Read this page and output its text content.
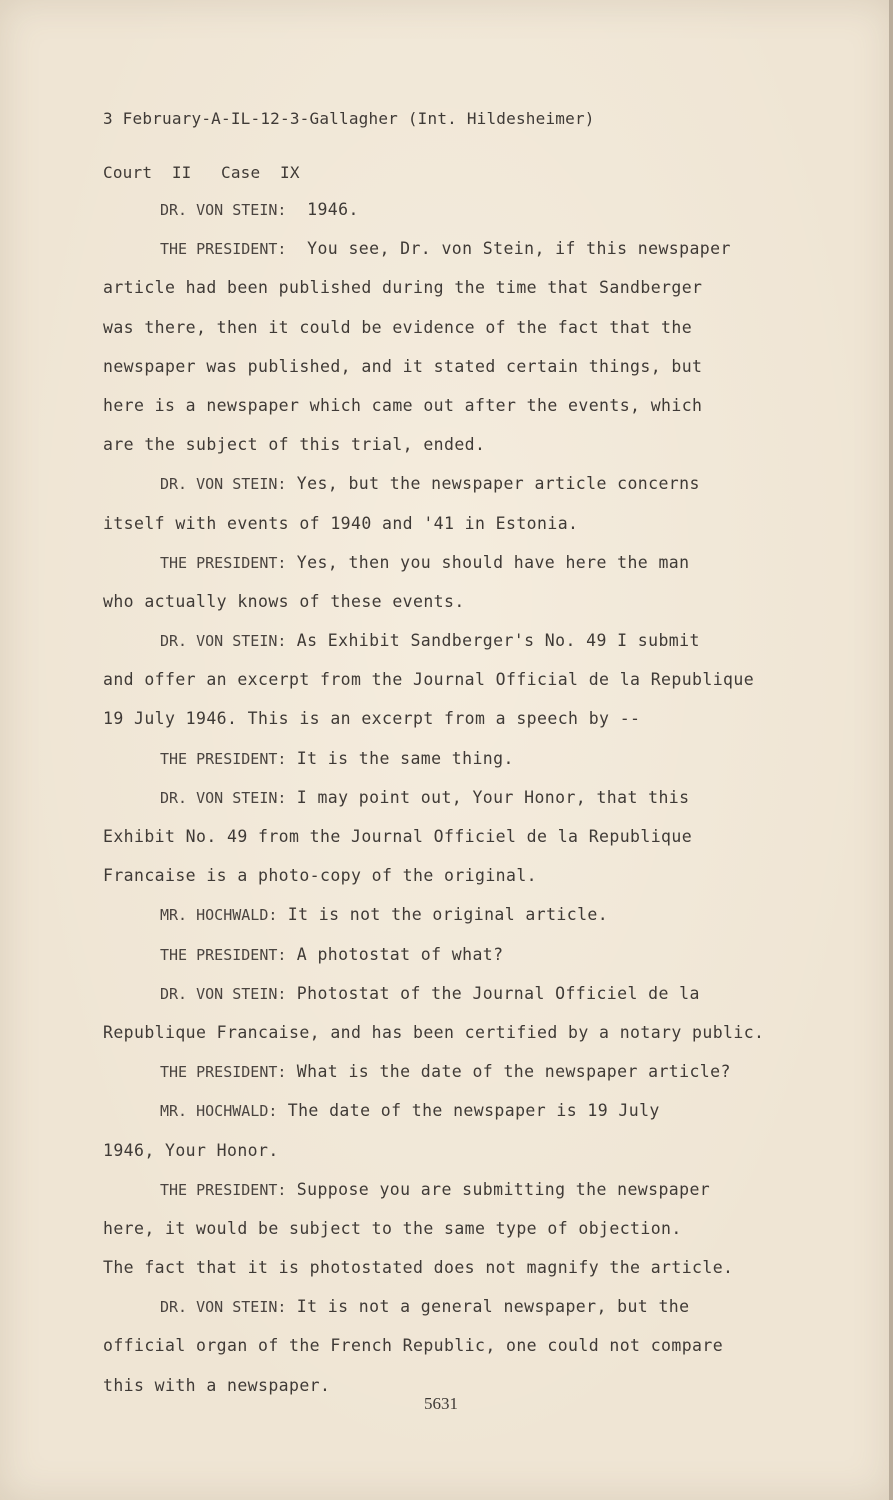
3 February-A-IL-12-3-Gallagher (Int. Hildesheimer)

Court  II   Case  IX

DR. VON STEIN:  1946.
THE PRESIDENT:  You see, Dr. von Stein, if this newspaper
article had been published during the time that Sandberger
was there, then it could be evidence of the fact that the
newspaper was published, and it stated certain things, but
here is a newspaper which came out after the events, which
are the subject of this trial, ended.
DR. VON STEIN: Yes, but the newspaper article concerns
itself with events of 1940 and '41 in Estonia.
THE PRESIDENT: Yes, then you should have here the man
who actually knows of these events.
DR. VON STEIN: As Exhibit Sandberger's No. 49 I submit
and offer an excerpt from the Journal Official de la Republique
19 July 1946. This is an excerpt from a speech by --
THE PRESIDENT: It is the same thing.
DR. VON STEIN: I may point out, Your Honor, that this
Exhibit No. 49 from the Journal Officiel de la Republique
Francaise is a photo-copy of the original.
MR. HOCHWALD: It is not the original article.
THE PRESIDENT: A photostat of what?
DR. VON STEIN: Photostat of the Journal Officiel de la
Republique Francaise, and has been certified by a notary public.
THE PRESIDENT: What is the date of the newspaper article?
MR. HOCHWALD: The date of the newspaper is 19 July
1946, Your Honor.
THE PRESIDENT: Suppose you are submitting the newspaper
here, it would be subject to the same type of objection.
The fact that it is photostated does not magnify the article.
DR. VON STEIN: It is not a general newspaper, but the
official organ of the French Republic, one could not compare
this with a newspaper.
5631
